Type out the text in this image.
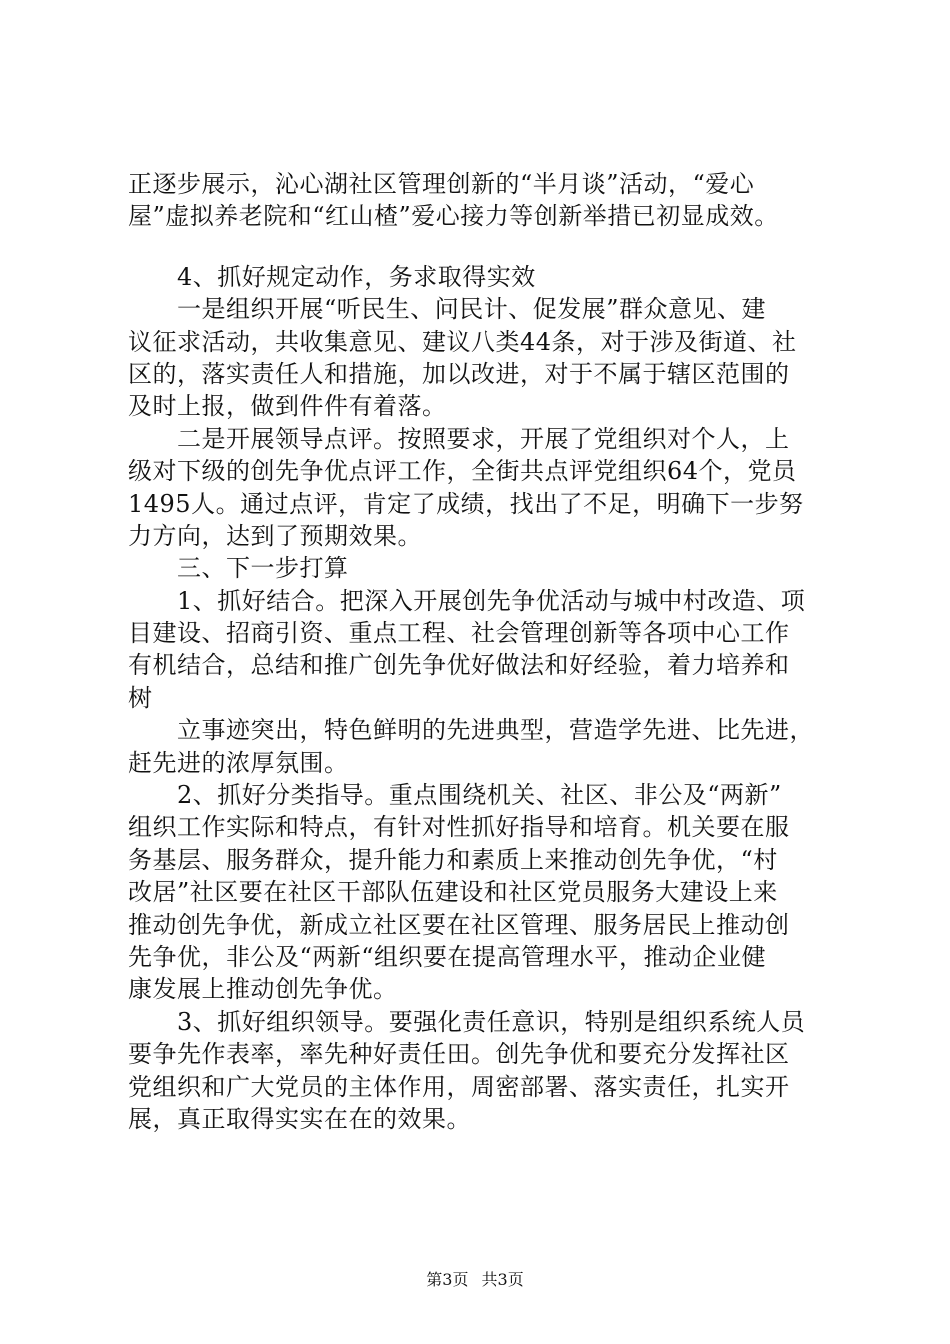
正逐步展示，沁心湖社区管理创新的“半月谈”活动，“爱心
屋”虚拟养老院和“红山楂”爱心接力等创新举措已初显成效。
　　4、抓好规定动作，务求取得实效
　　一是组织开展“听民生、问民计、促发展”群众意见、建
议征求活动，共收集意见、建议八类44条，对于涉及街道、社
区的，落实责任人和措施，加以改进，对于不属于辖区范围的
及时上报，做到件件有着落。
　　二是开展领导点评。按照要求，开展了党组织对个人，上
级对下级的创先争优点评工作，全街共点评党组织64个，党员
1495人。通过点评，肯定了成绩，找出了不足，明确下一步努
力方向，达到了预期效果。
　　三、下一步打算
　　1、抓好结合。把深入开展创先争优活动与城中村改造、项
目建设、招商引资、重点工程、社会管理创新等各项中心工作
有机结合，总结和推广创先争优好做法和好经验，着力培养和
树
　　立事迹突出，特色鲜明的先进典型，营造学先进、比先进，
赶先进的浓厚氛围。
　　2、抓好分类指导。重点围绕机关、社区、非公及“两新”
组织工作实际和特点，有针对性抓好指导和培育。机关要在服
务基层、服务群众，提升能力和素质上来推动创先争优，“村
改居”社区要在社区干部队伍建设和社区党员服务大建设上来
推动创先争优，新成立社区要在社区管理、服务居民上推动创
先争优，非公及“两新“组织要在提高管理水平，推动企业健
康发展上推动创先争优。
　　3、抓好组织领导。要强化责任意识，特别是组织系统人员
要争先作表率，率先种好责任田。创先争优和要充分发挥社区
党组织和广大党员的主体作用，周密部署、落实责任，扎实开
展，真正取得实实在在的效果。
第3页 共3页
